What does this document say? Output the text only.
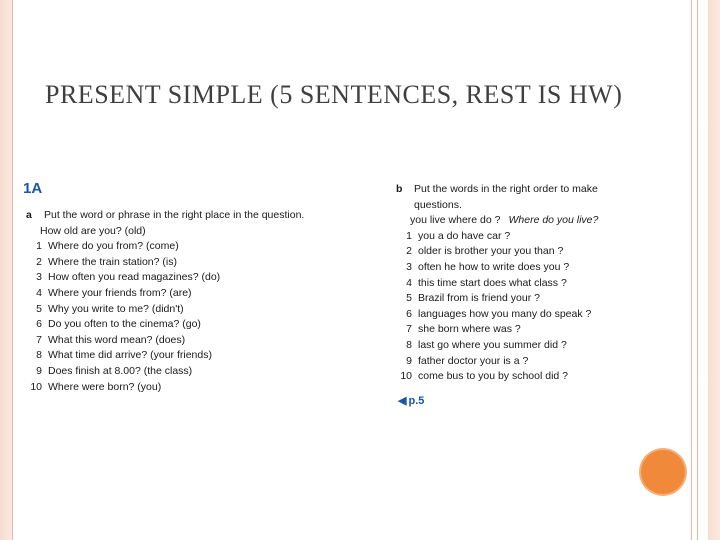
PRESENT SIMPLE (5 SENTENCES, REST IS HW)
1A
a	Put the word or phrase in the right place in the question.
How old are you? (old)
1 Where do you from? (come)
2 Where the train station? (is)
3 How often you read magazines? (do)
4 Where your friends from? (are)
5 Why you write to me? (didn't)
6 Do you often to the cinema? (go)
7 What this word mean? (does)
8 What time did arrive? (your friends)
9 Does finish at 8.00? (the class)
10 Where were born? (you)
b	Put the words in the right order to make questions.
you live where do ? Where do you live?
1 you a do have car ?
2 older is brother your you than ?
3 often he how to write does you ?
4 this time start does what class ?
5 Brazil from is friend your ?
6 languages how you many do speak ?
7 she born where was ?
8 last go where you summer did ?
9 father doctor your is a ?
10 come bus to you by school did ?
◀ p.5
